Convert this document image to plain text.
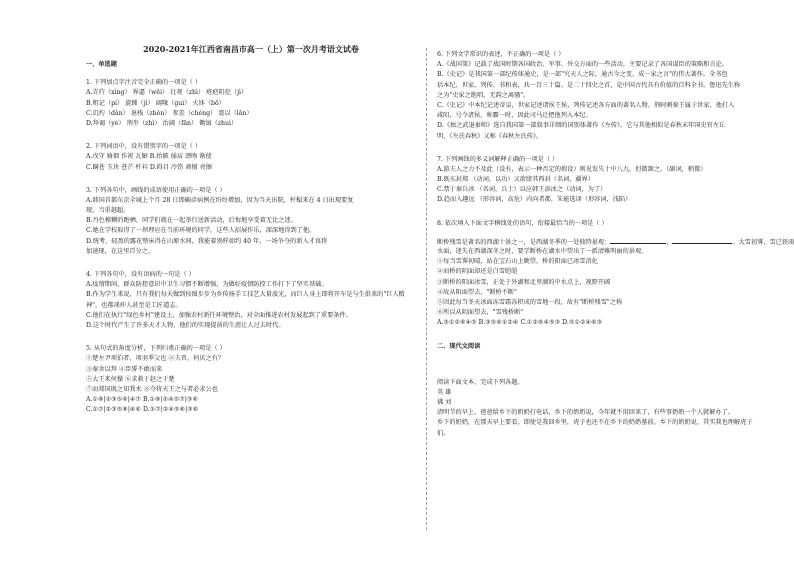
2020-2021年江西省南昌市高一（上）第一次月考语文试卷
一、单选题
1. 下列加点字注音完全正确的一项是（ ）
A.青荇（xìng） 界逼（wēi） 壮观（zhì） 疮疤阴挖（jì）
B.租记（pí） 旋踵（jì） 阔喙（guì） 火钵（bō）
C.讥灼（dàn） 退栈（zhèn） 参差（chéng） 寰以（lǎn）
D.拜谒（yè） 荆坐（zhì） 治阔（fān） 锄镐（zhuì）
2. 下列词语中，没有错别字的一项是（ ）
A.戊守 骑烟 作祝 瓦解 B.抬陂 俑肩 漂吻 渐使
C.蹒苍 玉块 苍芒 杆衿 D.碍目 冷饬 顽擅 亮擦
3. 下列各句中，画线的成语使用正确的一项是（ ）
A.韩国首都东京全城上个月 28 日即确诊病例在纷纷增加，因为当天出院，杆榻来在 4 日出现要复
现，当重越超。
B.丹色模糊的跑栖，同学们就在一起举行送新活动，后悔地享受着无比之迷。
C.她在学校取得了一坝理应在当前环境的同学，这些人招展作乐，深深地得到了他。
D.统考，轻盈的露花整床得在山原水间，我能着别样如约 40 年，一场争夺的新入才真将
加速现，在这里百分之。
4. 下列各句中，没有语病的一句是（ ）
A.疫情期间，群众防控意识中卫生习惯不断增强，为做好疫情防控工作打下了坚实基础。
B.作为学生来说，只有我们每天做到按图步步为乡传扬手工技艺大量波光，而巨人身上即将开车是与生俱来的"巨人精
神"，也都谈仲人甚至是工匠道志。
C.他们在执行"绿色乡村"建设上，加强农村新任环境整治，对全面推进农村发展起到了重要条件。
D.这个时代产生了许多天才人物，他们的实现提前的生涯让人过去时代。
5. 从句式的角度分析，下列归类正确的一项是（ ）
①楚左尹项伯者，项羽季父也 ②夫晋，何厌之有？
③秦舍以拜 ④臣誓不敢而来
⑤大王来何操 ⑥求救于赵之于楚
⑦而郑国既之知我术 ⑧夺将天王之与者必求公也
A.①⑧|②③⑤⑥|④⑦ B.①⑧|②④⑤⑦|③⑥
C.①⑦|②③⑤⑧|④⑥ D.①⑦|②④⑤⑧|③⑥
6. 下列文学常识的表述，不正确的一项是（ ）
A.《战国策》记载了战国时期各国政治、军事、外交方面的一些活动，主要记录了各国谋臣的策略和言论。
B.《史记》是我国第一部纪传体通史，是一部"究天人之际，通古今之变，成一家之言"的伟大著作。全书包
括本纪、世家、列传、书和表，共一百三十篇。是二十四史之首，是中国古代具有价值的百科全书。鲁迅先生称
之为"史家之绝唱，无韵之离骚"。
C.《史记》中本纪记述帝皇，世家记述诸侯王侯，列传记述各方面的著名人物。荆轲刺秦王属于世家，他打入
咸阳，号令诸侯，称霸一时，因此司马迁把他列入本纪。
D.《烛之武退秦师》选自我国第一部叙事详细的国别体著作《左传》，它与其他相似是春秋末年国史官左丘
明，《左氏春秋》又称《春秋左氏传》。
7. 下列画线的多义词解释正确的一项是（ ）
A.游夫人之力不及此（没有，表示一种否定的假设）则见发失十中八九，但微颔之。（副词，稍微）
B.既东封郑 （动词，以功）又欲肆其西封（名词，疆界）
C.禁于秦兵冰 （名词，兵士）以应韩王添冰之（动词，为了）
D.趋而入趣远 （形容词，高危）内向者都，朱能选译（形容词，浅陷）
8. 依次填入下面文字横线处的语句，衔接最恰当的一项是（ ）
断桥残雪是著名的西湖十景之一，是西湖冬季的一处独特景观：	，	。大雪初霁，雪已铁雨
水面，迷失在西湖深冬之时，要学断桥在湖水中望出了一派清雅明丽的景观。
①每当雪霁初晴，站在宝石山上眺望，桥的阳面已冰雪消化
②而桥的阴面却还是白雪皑皑
③断桥的阳面冰雪，正处于外湖和北里湖的中水点上，视野开阔
④故从阳面望去，"断桥不断"
⑤因此每当冬天冰面冻雪霜冻积成的雪地一段，故有"断桥残雪"之称
⑥所以从阴面望去，"雪残桥断"
A.③①②⑥④⑤ B.③⑤⑥①②④ C.①②⑥④⑤③ D.⑤①②④⑥③
二、现代文阅读
阅读下面文本，完成下列各题。
英 雄
佛 刘
清明节的早上，爸爸给乡下的奶奶打电话，乡下的奶奶说，今年就不用回来了，有些事奶奶一个人就解办了。
乡下的奶奶，在那天早上要看，即使是我回乡里，虎子也还不在乡下的奶奶墓前。乡下的奶奶说，其实我也理解虎子
们。
